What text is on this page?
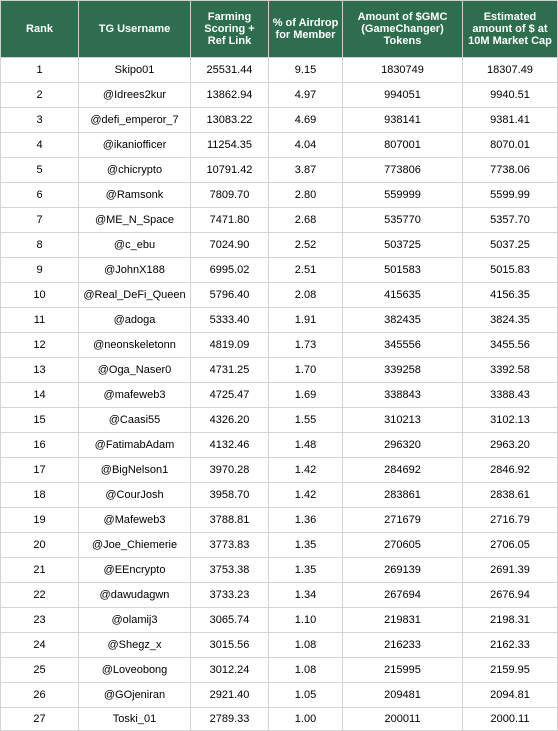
Rank	TG Username	Farming Scoring + Ref Link	% of Airdrop for Member	Amount of $GMC (GameChanger) Tokens	Estimated amount of $ at 10M Market Cap
1	Skipo01	25531.44	9.15	1830749	18307.49
2	@Idrees2kur	13862.94	4.97	994051	9940.51
3	@defi_emperor_7	13083.22	4.69	938141	9381.41
4	@ikaniofficer	11254.35	4.04	807001	8070.01
5	@chicrypto	10791.42	3.87	773806	7738.06
6	@Ramsonk	7809.70	2.80	559999	5599.99
7	@ME_N_Space	7471.80	2.68	535770	5357.70
8	@c_ebu	7024.90	2.52	503725	5037.25
9	@JohnX188	6995.02	2.51	501583	5015.83
10	@Real_DeFi_Queen	5796.40	2.08	415635	4156.35
11	@adoga	5333.40	1.91	382435	3824.35
12	@neonskeletonn	4819.09	1.73	345556	3455.56
13	@Oga_Naser0	4731.25	1.70	339258	3392.58
14	@mafeweb3	4725.47	1.69	338843	3388.43
15	@Caasi55	4326.20	1.55	310213	3102.13
16	@FatimabAdam	4132.46	1.48	296320	2963.20
17	@BigNelson1	3970.28	1.42	284692	2846.92
18	@CourJosh	3958.70	1.42	283861	2838.61
19	@Mafeweb3	3788.81	1.36	271679	2716.79
20	@Joe_Chiemerie	3773.83	1.35	270605	2706.05
21	@EEncrypto	3753.38	1.35	269139	2691.39
22	@dawudagwn	3733.23	1.34	267694	2676.94
23	@olamij3	3065.74	1.10	219831	2198.31
24	@Shegz_x	3015.56	1.08	216233	2162.33
25	@Loveobong	3012.24	1.08	215995	2159.95
26	@GOjeniran	2921.40	1.05	209481	2094.81
27	Toski_01	2789.33	1.00	200011	2000.11
